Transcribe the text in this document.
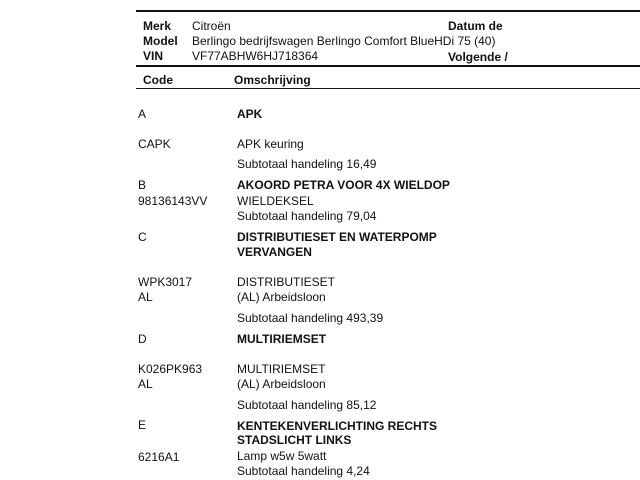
Merk Citroën
Model Berlingo bedrijfswagen Berlingo Comfort BlueHDi 75 (40)
VIN VF77ABHW6HJ718364
Datum de
Volgende /
Code	Omschrijving
A	APK
CAPK	APK keuring
Subtotaal handeling 16,49
B	AKOORD PETRA VOOR 4X WIELDOP
98136143VV WIELDEKSEL
Subtotaal handeling 79,04
C	DISTRIBUTIESET EN WATERPOMP
VERVANGEN
WPK3017	DISTRIBUTIESET
AL	(AL) Arbeidsloon
Subtotaal handeling 493,39
D	MULTIRIEMSET
K026PK963	MULTIRIEMSET
AL	(AL) Arbeidsloon
Subtotaal handeling 85,12
E	KENTEKENVERLICHTING RECHTS
STADSLICHT LINKS
6216A1	Lamp w5w 5watt
Subtotaal handeling 4,24
